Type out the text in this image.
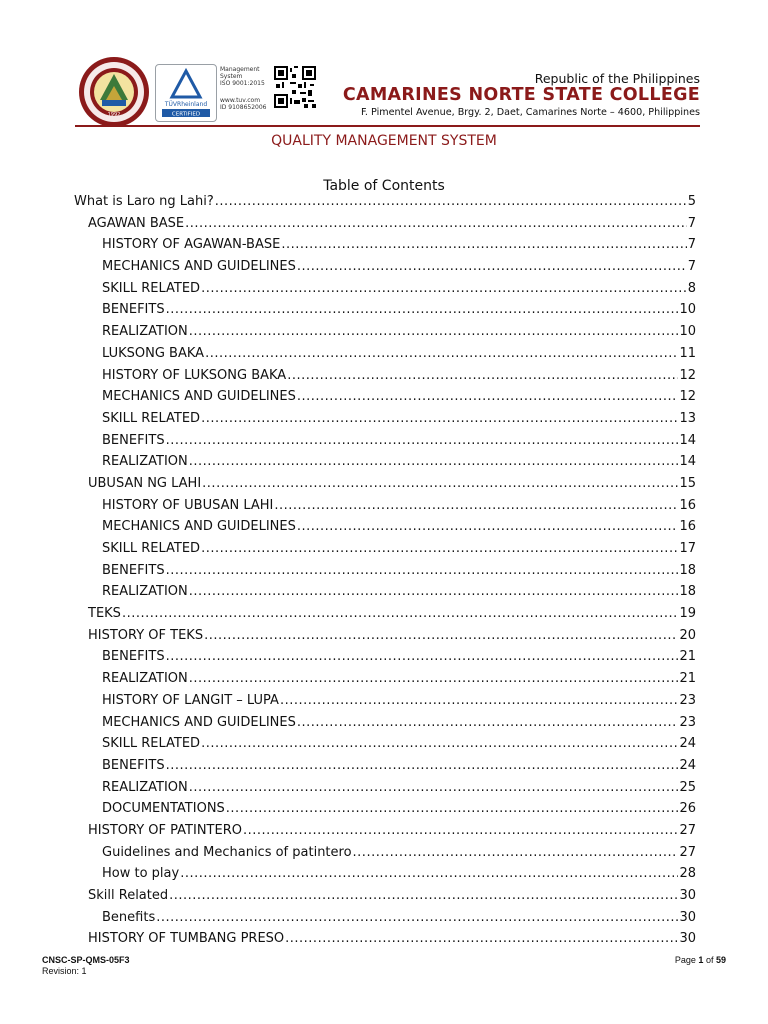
1992
TÜVRheinland
CERTIFIED
Management
System
ISO 9001:2015
www.tuv.com
ID 9108652006
Republic of the Philippines
CAMARINES NORTE STATE COLLEGE
F. Pimentel Avenue, Brgy. 2, Daet, Camarines Norte – 4600, Philippines
QUALITY MANAGEMENT SYSTEM
Table of Contents
What is Laro ng Lahi? .....	5
AGAWAN BASE .....	7
HISTORY OF AGAWAN-BASE .....	7
MECHANICS AND GUIDELINES .....	7
SKILL RELATED .....	8
BENEFITS .....	10
REALIZATION .....	10
LUKSONG BAKA .....	11
HISTORY OF LUKSONG BAKA .....	12
MECHANICS AND GUIDELINES .....	12
SKILL RELATED .....	13
BENEFITS .....	14
REALIZATION .....	14
UBUSAN NG LAHI .....	15
HISTORY OF UBUSAN LAHI .....	16
MECHANICS AND GUIDELINES .....	16
SKILL RELATED .....	17
BENEFITS .....	18
REALIZATION .....	18
TEKS .....	19
HISTORY OF TEKS .....	20
BENEFITS .....	21
REALIZATION .....	21
HISTORY OF LANGIT – LUPA .....	23
MECHANICS AND GUIDELINES .....	23
SKILL RELATED .....	24
BENEFITS .....	24
REALIZATION .....	25
DOCUMENTATIONS .....	26
HISTORY OF PATINTERO .....	27
Guidelines and Mechanics of patintero .....	27
How to play .....	28
Skill Related .....	30
Benefits .....	30
HISTORY OF TUMBANG PRESO .....	30
CNSC-SP-QMS-05F3
Revision: 1
Page 1 of 59
